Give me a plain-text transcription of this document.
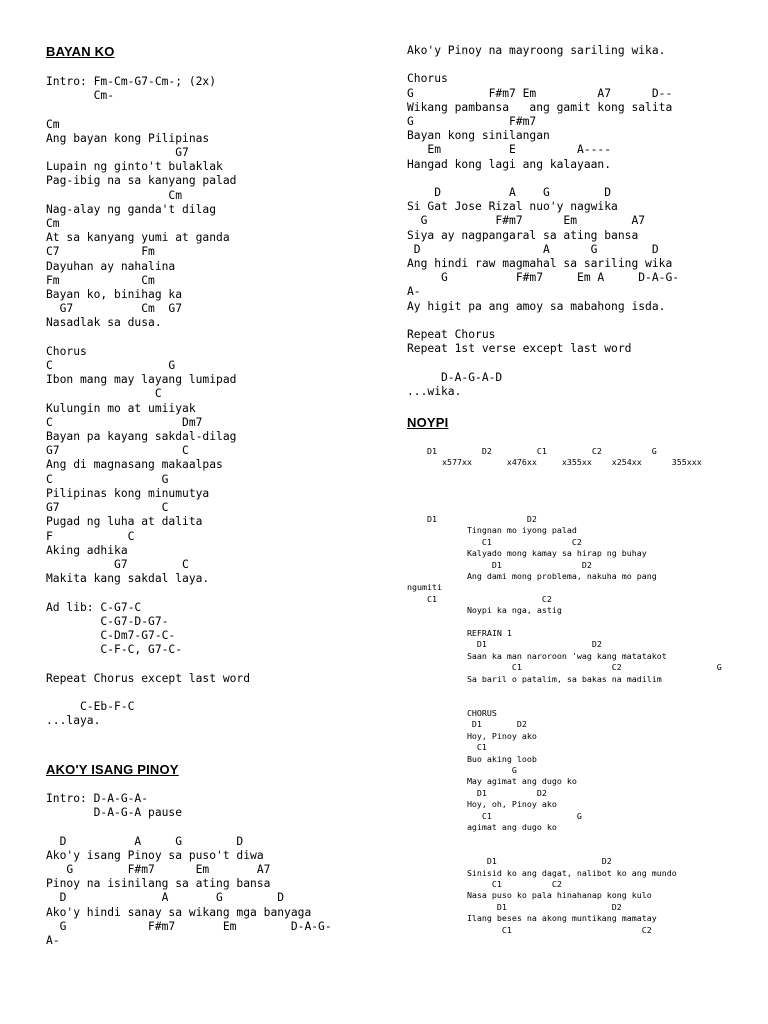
BAYAN KO
Intro: Fm-Cm-G7-Cm-; (2x)
Cm-

Cm
Ang bayan kong Pilipinas
G7
Lupain ng ginto't bulaklak
Pag-ibig na sa kanyang palad
Cm
Nag-alay ng ganda't dilag
Cm
At sa kanyang yumi at ganda
C7            Fm
Dayuhan ay nahalina
Fm            Cm
Bayan ko, binihag ka
G7          Cm  G7
Nasadlak sa dusa.

Chorus
C                 G
Ibon mang may layang lumipad
C
Kulungin mo at umiiyak
C                   Dm7
Bayan pa kayang sakdal-dilag
G7                  C
Ang di magnasang makaalpas
C                G
Pilipinas kong minumutya
G7               C
Pugad ng luha at dalita
F           C
Aking adhika
G7        C
Makita kang sakdal laya.

Ad lib: C-G7-C
C-G7-D-G7-
C-Dm7-G7-C-
C-F-C, G7-C-

Repeat Chorus except last word

C-Eb-F-C
...laya.
AKO'Y ISANG PINOY
Intro: D-A-G-A-
D-A-G-A pause

D          A     G        D
Ako'y isang Pinoy sa puso't diwa
G        F#m7      Em       A7
Pinoy na isinilang sa ating bansa
D              A       G        D
Ako'y hindi sanay sa wikang mga banyaga
G            F#m7       Em        D-A-G-
A-
Ako'y Pinoy na mayroong sariling wika.

Chorus
G           F#m7 Em         A7      D--
Wikang pambansa   ang gamit kong salita
G              F#m7
Bayan kong sinilangan
Em          E         A----
Hangad kong lagi ang kalayaan.

D          A    G        D
Si Gat Jose Rizal nuo'y nagwika
G          F#m7      Em        A7
Siya ay nagpangaral sa ating bansa
D                  A      G        D
Ang hindi raw magmahal sa sariling wika
G          F#m7     Em A     D-A-G-
A-
Ay higit pa ang amoy sa mabahong isda.

Repeat Chorus
Repeat 1st verse except last word

D-A-G-A-D
...wika.
NOYPI
D1         D2         C1         C2          G
x577xx       x476xx     x355xx    x254xx      355xxx
D1                  D2
Tingnan mo iyong palad
C1                C2
Kalyado mong kamay sa hirap ng buhay
D1                D2
Ang dami mong problema, nakuha mo pang
ngumiti
C1                     C2
Noypi ka nga, astig

REFRAIN 1
D1                     D2
Saan ka man naroroon 'wag kang matatakot
C1                  C2                   G
Sa baril o patalim, sa bakas na madilim

CHORUS
D1       D2
Hoy, Pinoy ako
C1
Buo aking loob
G
May agimat ang dugo ko
D1          D2
Hoy, oh, Pinoy ako
C1                 G
agimat ang dugo ko

D1                     D2
Sinisid ko ang dagat, nalibot ko ang mundo
C1          C2
Nasa puso ko pala hinahanap kong kulo
D1                     D2
Ilang beses na akong muntikang mamatay
C1                          C2
